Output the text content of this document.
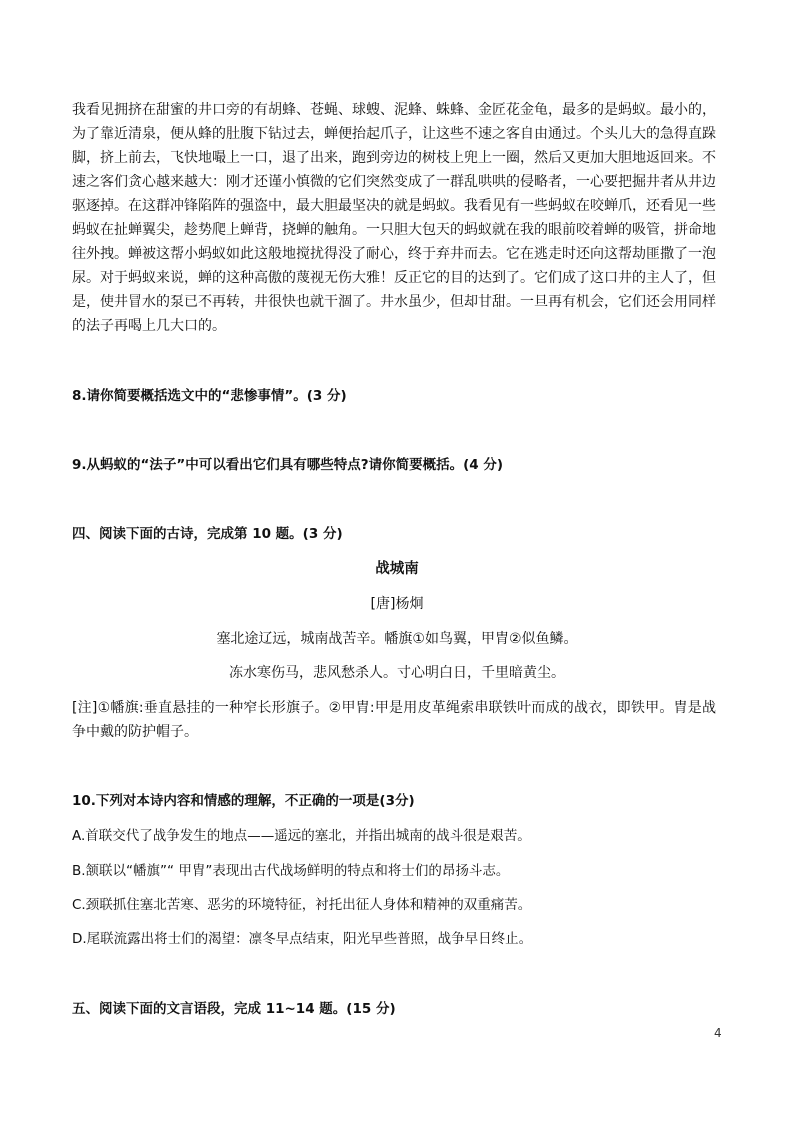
我看见拥挤在甜蜜的井口旁的有胡蜂、苍蝇、球螋、泥蜂、蛛蜂、金匠花金龟，最多的是蚂蚁。最小的，
为了靠近清泉，便从蜂的肚腹下钻过去，蝉便抬起爪子，让这些不速之客自由通过。个头儿大的急得直跺
脚，挤上前去，飞快地嘬上一口，退了出来，跑到旁边的树枝上兜上一圈，然后又更加大胆地返回来。不
速之客们贪心越来越大：刚才还谨小慎微的它们突然变成了一群乱哄哄的侵略者，一心要把掘井者从井边
驱逐掉。在这群冲锋陷阵的强盗中，最大胆最坚决的就是蚂蚁。我看见有一些蚂蚁在咬蝉爪，还看见一些
蚂蚁在扯蝉翼尖，趁势爬上蝉背，挠蝉的触角。一只胆大包天的蚂蚁就在我的眼前咬着蝉的吸管，拼命地
往外拽。蝉被这帮小蚂蚁如此这般地搅扰得没了耐心，终于弃井而去。它在逃走时还向这帮劫匪撒了一泡
尿。对于蚂蚁来说，蝉的这种高傲的蔑视无伤大雅！反正它的目的达到了。它们成了这口井的主人了，但
是，使井冒水的泵已不再转，井很快也就干涸了。井水虽少，但却甘甜。一旦再有机会，它们还会用同样
的法子再喝上几大口的。
8.请你简要概括选文中的“悲惨事情”。(3 分)
9.从蚂蚁的“法子”中可以看出它们具有哪些特点?请你简要概括。(4 分)
四、阅读下面的古诗，完成第 10 题。(3 分)
战城南
[唐]杨炯
塞北途辽远，城南战苦辛。幡旗①如鸟翼，甲胄②似鱼鳞。
冻水寒伤马，悲风愁杀人。寸心明白日，千里暗黄尘。
[注]①幡旗:垂直悬挂的一种窄长形旗子。②甲胄:甲是用皮革绳索串联铁叶而成的战衣，即铁甲。胄是战
争中戴的防护帽子。
10.下列对本诗内容和情感的理解，不正确的一项是(3分)
A.首联交代了战争发生的地点——遥远的塞北，并指出城南的战斗很是艰苦。
B.颔联以“幡旗”“ 甲胄”表现出古代战场鲜明的特点和将士们的昂扬斗志。
C.颈联抓住塞北苦寒、恶劣的环境特征，衬托出征人身体和精神的双重痛苦。
D.尾联流露出将士们的渴望：凛冬早点结束，阳光早些普照，战争早日终止。
五、阅读下面的文言语段，完成 11~14 题。(15 分)
4
